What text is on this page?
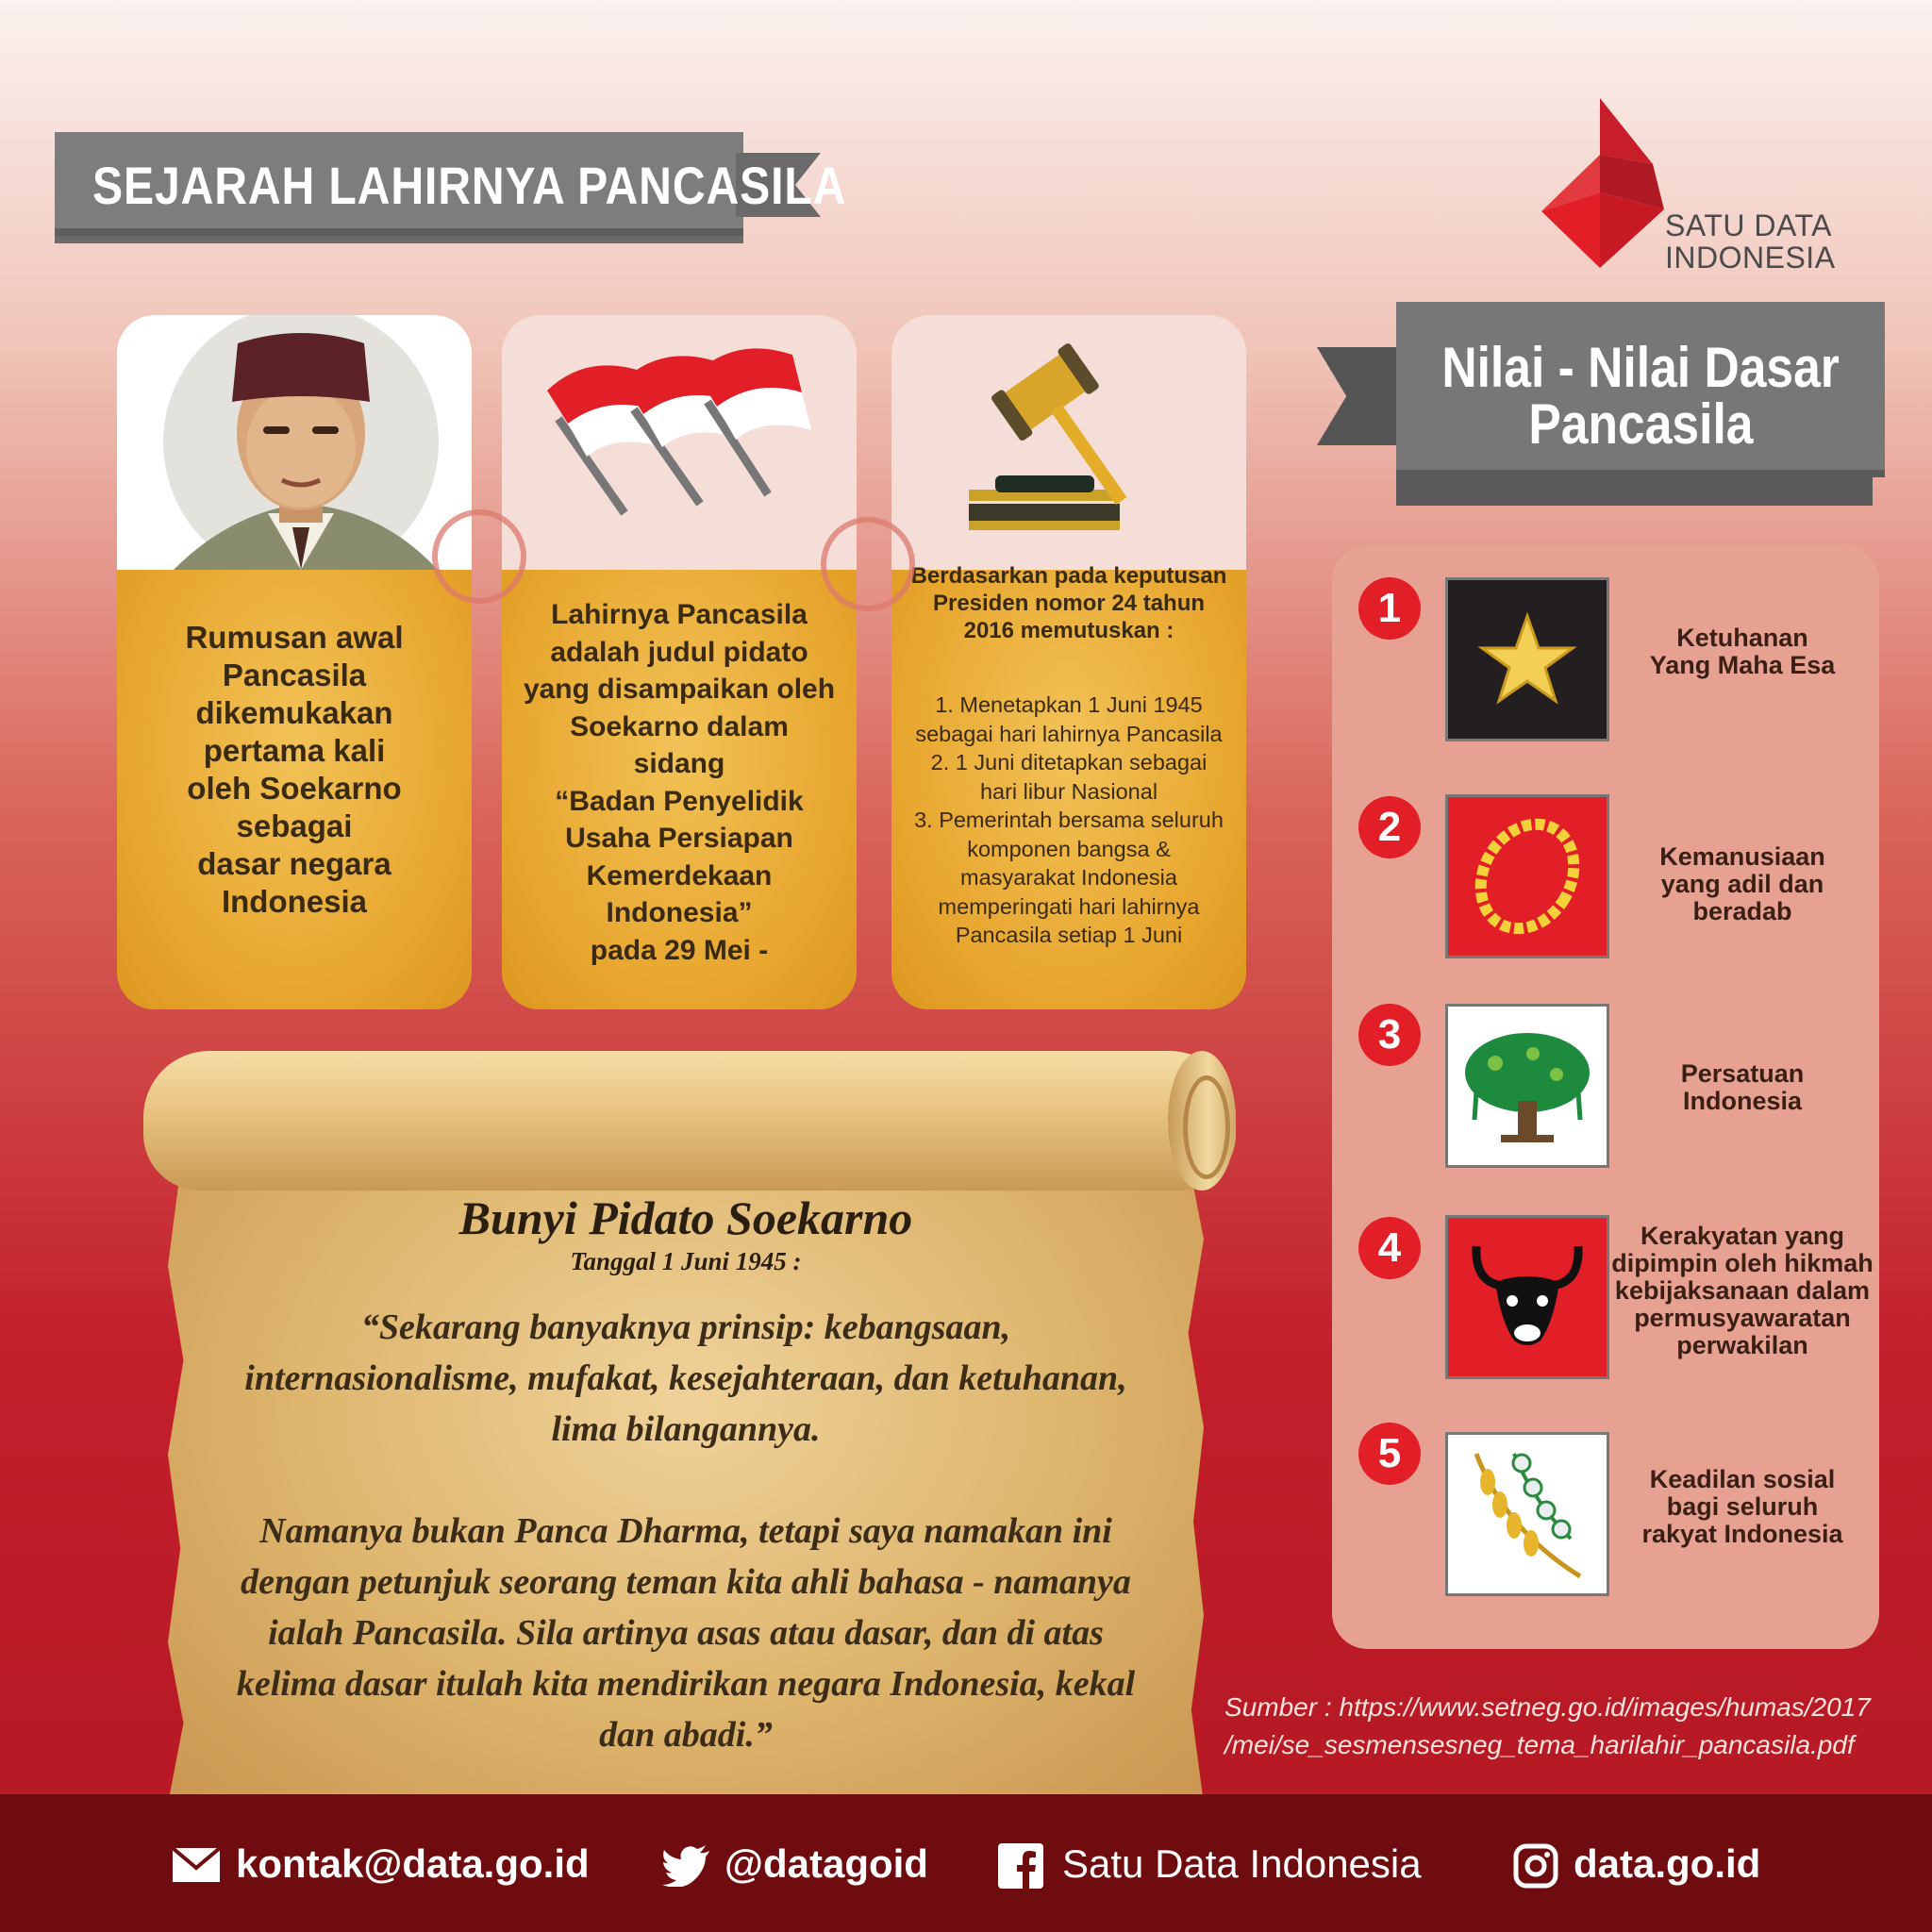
SEJARAH LAHIRNYA PANCASILA
SATU DATA
INDONESIA
Rumusan awal
Pancasila
dikemukakan
pertama kali
oleh Soekarno
sebagai
dasar negara
Indonesia
Lahirnya Pancasila
adalah judul pidato
yang disampaikan oleh
Soekarno dalam
sidang
“Badan Penyelidik
Usaha Persiapan
Kemerdekaan
Indonesia”
pada 29 Mei -
Berdasarkan pada keputusan
Presiden nomor 24 tahun
2016 memutuskan :
1. Menetapkan 1 Juni 1945
sebagai hari lahirnya Pancasila
2. 1 Juni ditetapkan sebagai
hari libur Nasional
3. Pemerintah bersama seluruh
komponen bangsa &
masyarakat Indonesia
memperingati hari lahirnya
Pancasila setiap 1 Juni
Bunyi Pidato Soekarno
Tanggal 1 Juni 1945 :
“Sekarang banyaknya prinsip: kebangsaan,
internasionalisme, mufakat, kesejahteraan, dan ketuhanan,
lima bilangannya.
Namanya bukan Panca Dharma, tetapi saya namakan ini
dengan petunjuk seorang teman kita ahli bahasa - namanya
ialah Pancasila. Sila artinya asas atau dasar, dan di atas
kelima dasar itulah kita mendirikan negara Indonesia, kekal
dan abadi.”
Nilai - Nilai Dasar
Pancasila
1
Ketuhanan
Yang Maha Esa
2
Kemanusiaan
yang adil dan
beradab
3
Persatuan
Indonesia
4	Kerakyatan yang
dipimpin oleh hikmah
kebijaksanaan dalam
permusyawaratan
perwakilan
5
Keadilan sosial
bagi seluruh
rakyat Indonesia
Sumber : https://www.setneg.go.id/images/humas/2017
/mei/se_sesmensesneg_tema_harilahir_pancasila.pdf
kontak@data.go.id	@datagoid	Satu Data Indonesia	data.go.id
